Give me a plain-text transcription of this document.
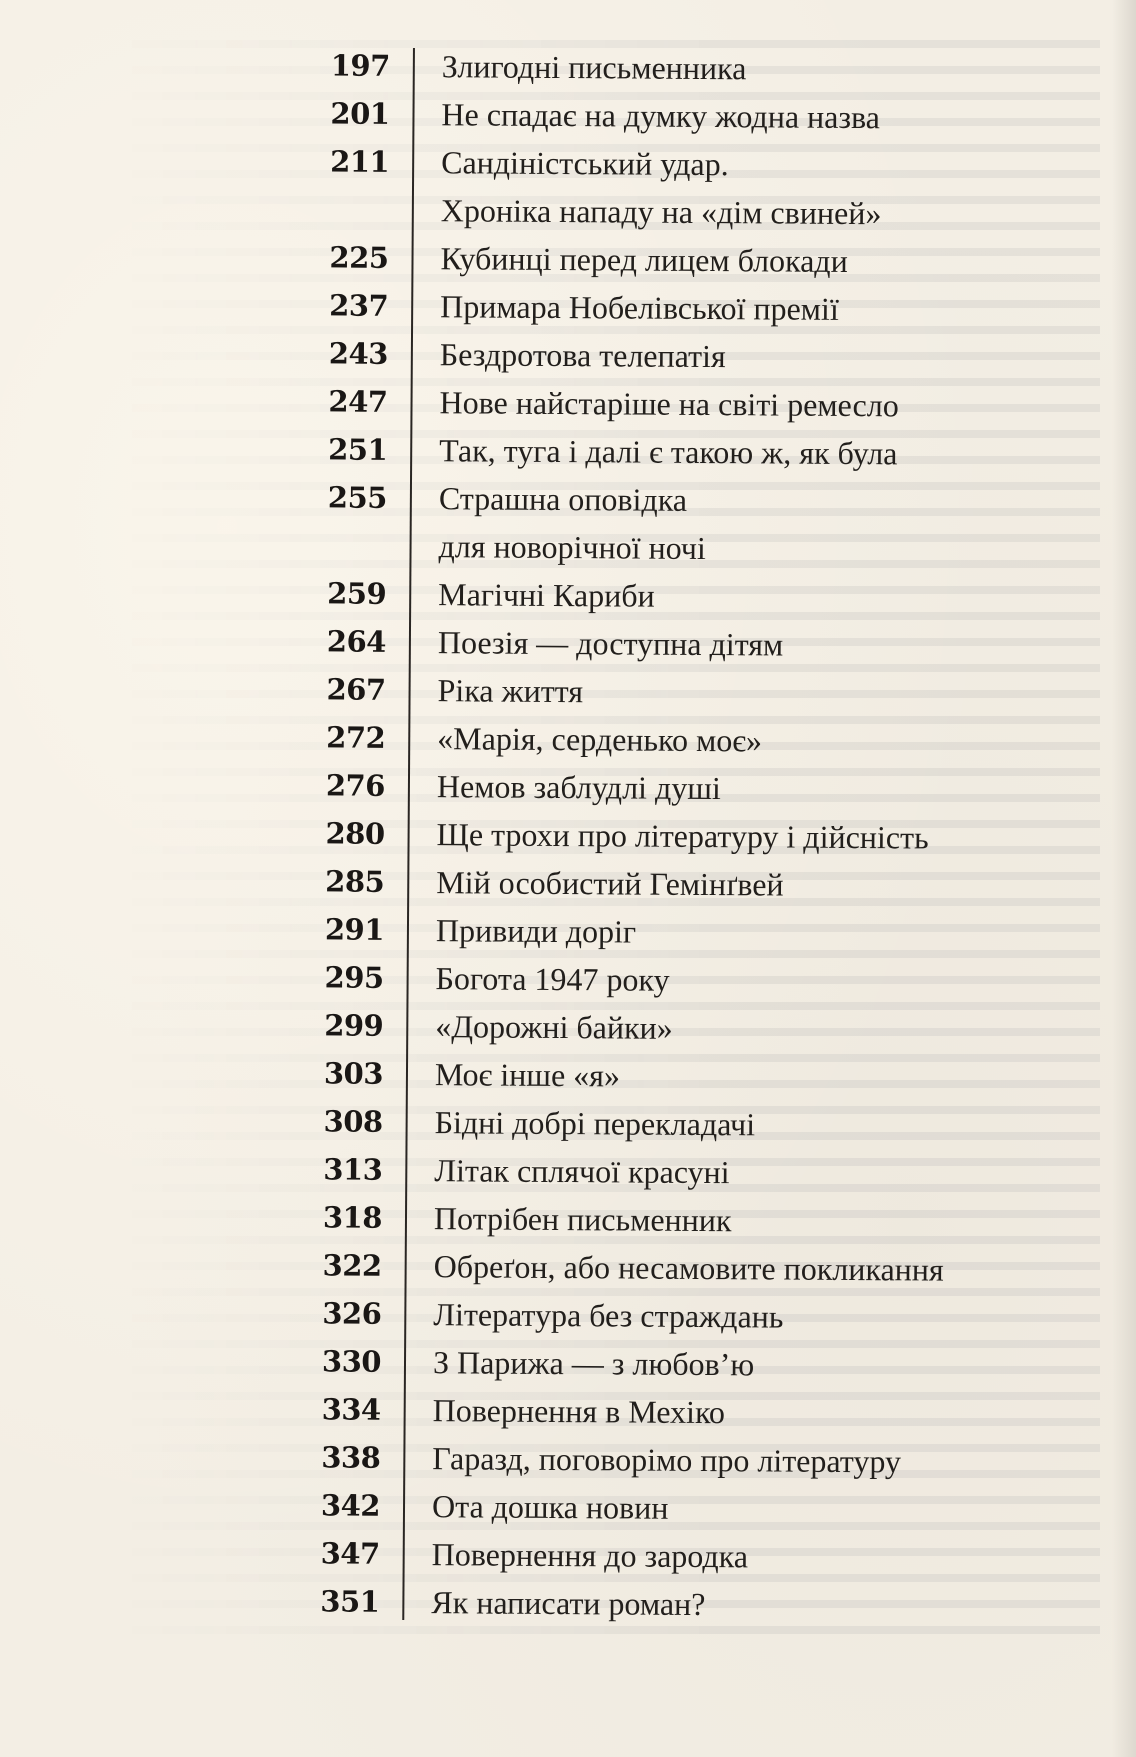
197 Злигодні письменника
201 Не спадає на думку жодна назва
211 Сандіністський удар.
Хроніка нападу на «дім свиней»
225 Кубинці перед лицем блокади
237 Примара Нобелівської премії
243 Бездротова телепатія
247 Нове найстаріше на світі ремесло
251 Так, туга і далі є такою ж, як була
255 Страшна оповідка
для новорічної ночі
259 Магічні Кариби
264 Поезія — доступна дітям
267 Ріка життя
272 «Марія, серденько моє»
276 Немов заблудлі душі
280 Ще трохи про літературу і дійсність
285 Мій особистий Гемінґвей
291 Привиди доріг
295 Богота 1947 року
299 «Дорожні байки»
303 Моє інше «я»
308 Бідні добрі перекладачі
313 Літак сплячої красуні
318 Потрібен письменник
322 Обреґон, або несамовите покликання
326 Література без страждань
330 З Парижа — з любов’ю
334 Повернення в Мехіко
338 Гаразд, поговорімо про літературу
342 Ота дошка новин
347 Повернення до зародка
351 Як написати роман?
